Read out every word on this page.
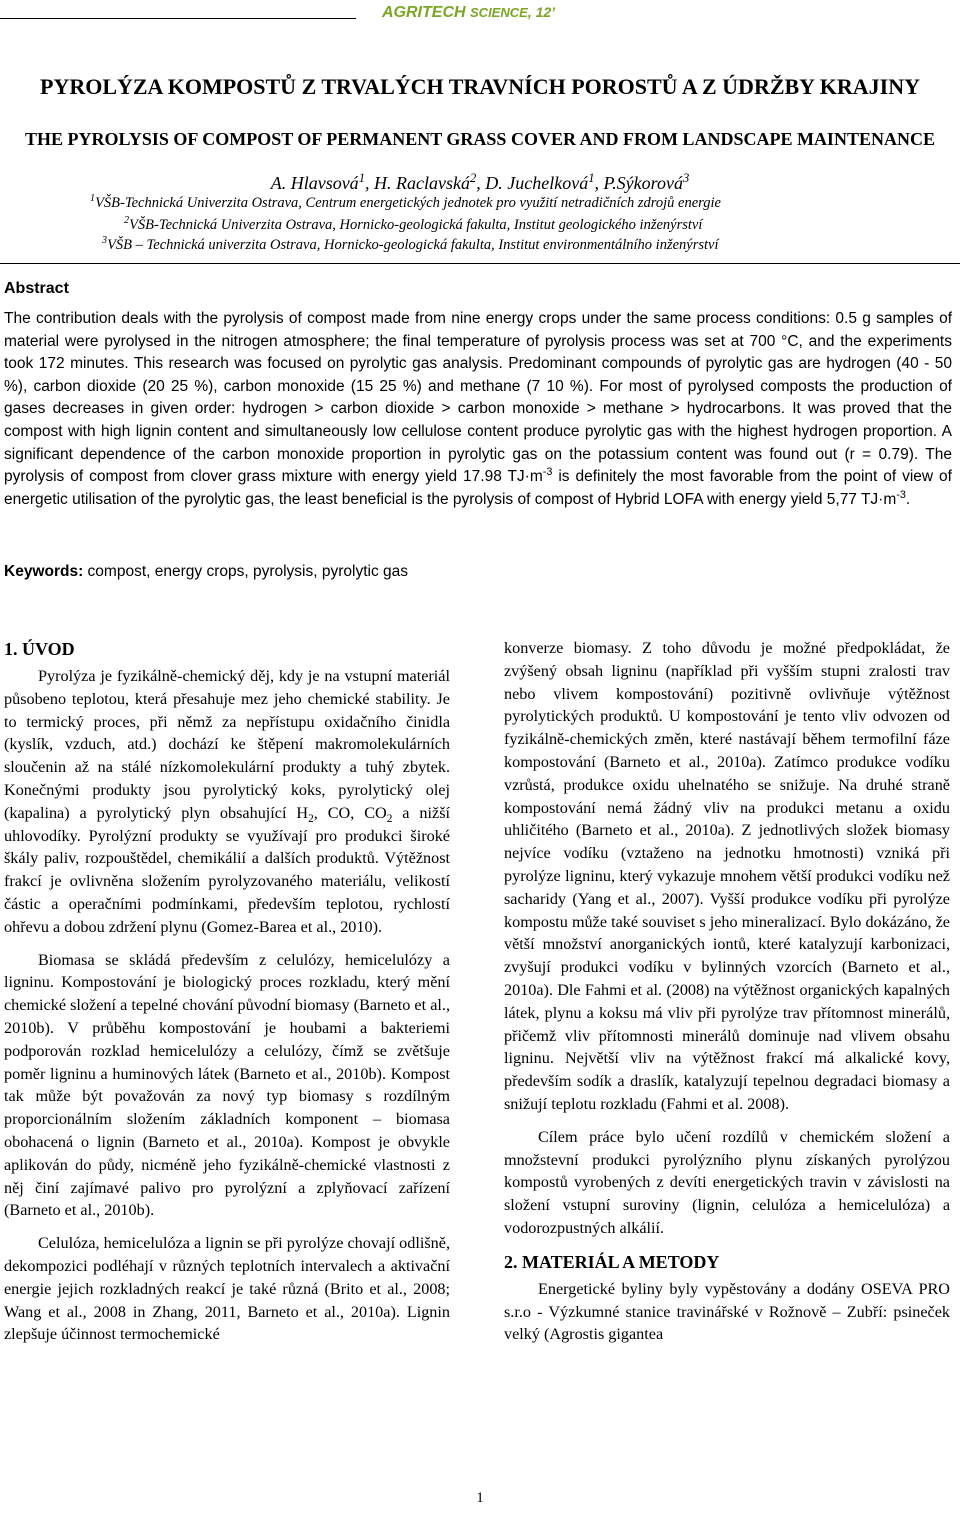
AGRITECH SCIENCE, 12’
PYROLÝZA KOMPOSTŮ Z TRVALÝCH TRAVNÍCH POROSTŮ A Z ÚDRŽBY KRAJINY
THE PYROLYSIS OF COMPOST OF PERMANENT GRASS COVER AND FROM LANDSCAPE MAINTENANCE
A. Hlavsová$^1$, H. Raclavská$^2$, D. Juchelková$^1$, P.Sýkorová$^3$
$^1$VŠB-Technická Univerzita Ostrava, Centrum energetických jednotek pro využití netradičních zdrojů energie
$^2$VŠB-Technická Univerzita Ostrava, Hornicko-geologická fakulta, Institut geologického inženýrství
$^3$VŠB – Technická univerzita Ostrava, Hornicko-geologická fakulta, Institut environmentálního inženýrství
Abstract
The contribution deals with the pyrolysis of compost made from nine energy crops under the same process conditions: 0.5 g samples of material were pyrolysed in the nitrogen atmosphere; the final temperature of pyrolysis process was set at 700 °C, and the experiments took 172 minutes. This research was focused on pyrolytic gas analysis. Predominant compounds of pyrolytic gas are hydrogen (40 - 50 %), carbon dioxide (20 25 %), carbon monoxide (15 25 %) and methane (7 10 %). For most of pyrolysed composts the production of gases decreases in given order: hydrogen > carbon dioxide > carbon monoxide > methane > hydrocarbons. It was proved that the compost with high lignin content and simultaneously low cellulose content produce pyrolytic gas with the highest hydrogen proportion. A significant dependence of the carbon monoxide proportion in pyrolytic gas on the potassium content was found out (r = 0.79). The pyrolysis of compost from clover grass mixture with energy yield 17.98 $TJ\cdot m^{-3}$ is definitely the most favorable from the point of view of energetic utilisation of the pyrolytic gas, the least beneficial is the pyrolysis of compost of Hybrid LOFA with energy yield 5,77 $TJ\cdot m^{-3}$.
Keywords: compost, energy crops, pyrolysis, pyrolytic gas
1. ÚVOD

Pyrolýza je fyzikálně-chemický děj, kdy je na vstupní materiál působeno teplotou, která přesahuje mez jeho chemické stability. Je to termický proces, při němž za nepřístupu oxidačního činidla (kyslík, vzduch, atd.) dochází ke štěpení makromolekulárních sloučenin až na stálé nízkomolekulární produkty a tuhý zbytek. Konečnými produkty jsou pyrolytický koks, pyrolytický olej (kapalina) a pyrolytický plyn obsahující $H_2$, CO, $CO_2$ a nižší uhlovodíky. Pyrolýzní produkty se využívají pro produkci široké škály paliv, rozpouštědel, chemikálií a dalších produktů. Výtěžnost frakcí je ovlivněna složením pyrolyzovaného materiálu, velikostí částic a operačními podmínkami, především teplotou, rychlostí ohřevu a dobou zdržení plynu (Gomez-Barea et al., 2010).

Biomasa se skládá především z celulózy, hemicelulózy a ligninu. Kompostování je biologický proces rozkladu, který mění chemické složení a tepelné chování původní biomasy (Barneto et al., 2010b). V průběhu kompostování je houbami a bakteriemi podporován rozklad hemicelulózy a celulózy, čímž se zvětšuje poměr ligninu a huminových látek (Barneto et al., 2010b). Kompost tak může být považován za nový typ biomasy s rozdílným proporcionálním složením základních komponent – biomasa obohacená o lignin (Barneto et al., 2010a). Kompost je obvykle aplikován do půdy, nicméně jeho fyzikálně-chemické vlastnosti z něj činí zajímavé palivo pro pyrolýzní a zplyňovací zařízení (Barneto et al., 2010b).

Celulóza, hemicelulóza a lignin se při pyrolýze chovají odlišně, dekompozici podléhají v různých teplotních intervalech a aktivační energie jejich rozkladných reakcí je také různá (Brito et al., 2008; Wang et al., 2008 in Zhang, 2011, Barneto et al., 2010a). Lignin zlepšuje účinnost termochemické

konverze biomasy. Z toho důvodu je možné předpokládat, že zvýšený obsah ligninu (například při vyšším stupni zralosti trav nebo vlivem kompostování) pozitivně ovlivňuje výtěžnost pyrolytických produktů. U kompostování je tento vliv odvozen od fyzikálně-chemických změn, které nastávají během termofilní fáze kompostování (Barneto et al., 2010a). Zatímco produkce vodíku vzrůstá, produkce oxidu uhelnatého se snižuje. Na druhé straně kompostování nemá žádný vliv na produkci metanu a oxidu uhličitého (Barneto et al., 2010a). Z jednotlivých složek biomasy nejvíce vodíku (vztaženo na jednotku hmotnosti) vzniká při pyrolýze ligninu, který vykazuje mnohem větší produkci vodíku než sacharidy (Yang et al., 2007). Vyšší produkce vodíku při pyrolýze kompostu může také souviset s jeho mineralizací. Bylo dokázáno, že větší množství anorganických iontů, které katalyzují karbonizaci, zvyšují produkci vodíku v bylinných vzorcích (Barneto et al., 2010a). Dle Fahmi et al. (2008) na výtěžnost organických kapalných látek, plynu a koksu má vliv při pyrolýze trav přítomnost minerálů, přičemž vliv přítomnosti minerálů dominuje nad vlivem obsahu ligninu. Největší vliv na výtěžnost frakcí má alkalické kovy, především sodík a draslík, katalyzují tepelnou degradaci biomasy a snižují teplotu rozkladu (Fahmi et al. 2008).

Cílem práce bylo učení rozdílů v chemickém složení a množstevní produkci pyrolýzního plynu získaných pyrolýzou kompostů vyrobených z devíti energetických travin v závislosti na složení vstupní suroviny (lignin, celulóza a hemicelulóza) a vodorozpustných alkálií.

2. MATERIÁL A METODY

Energetické byliny byly vypěstovány a dodány OSEVA PRO s.r.o - Výzkumné stanice travinářské v Rožnově – Zubří: psineček velký (Agrostis gigantea

1
